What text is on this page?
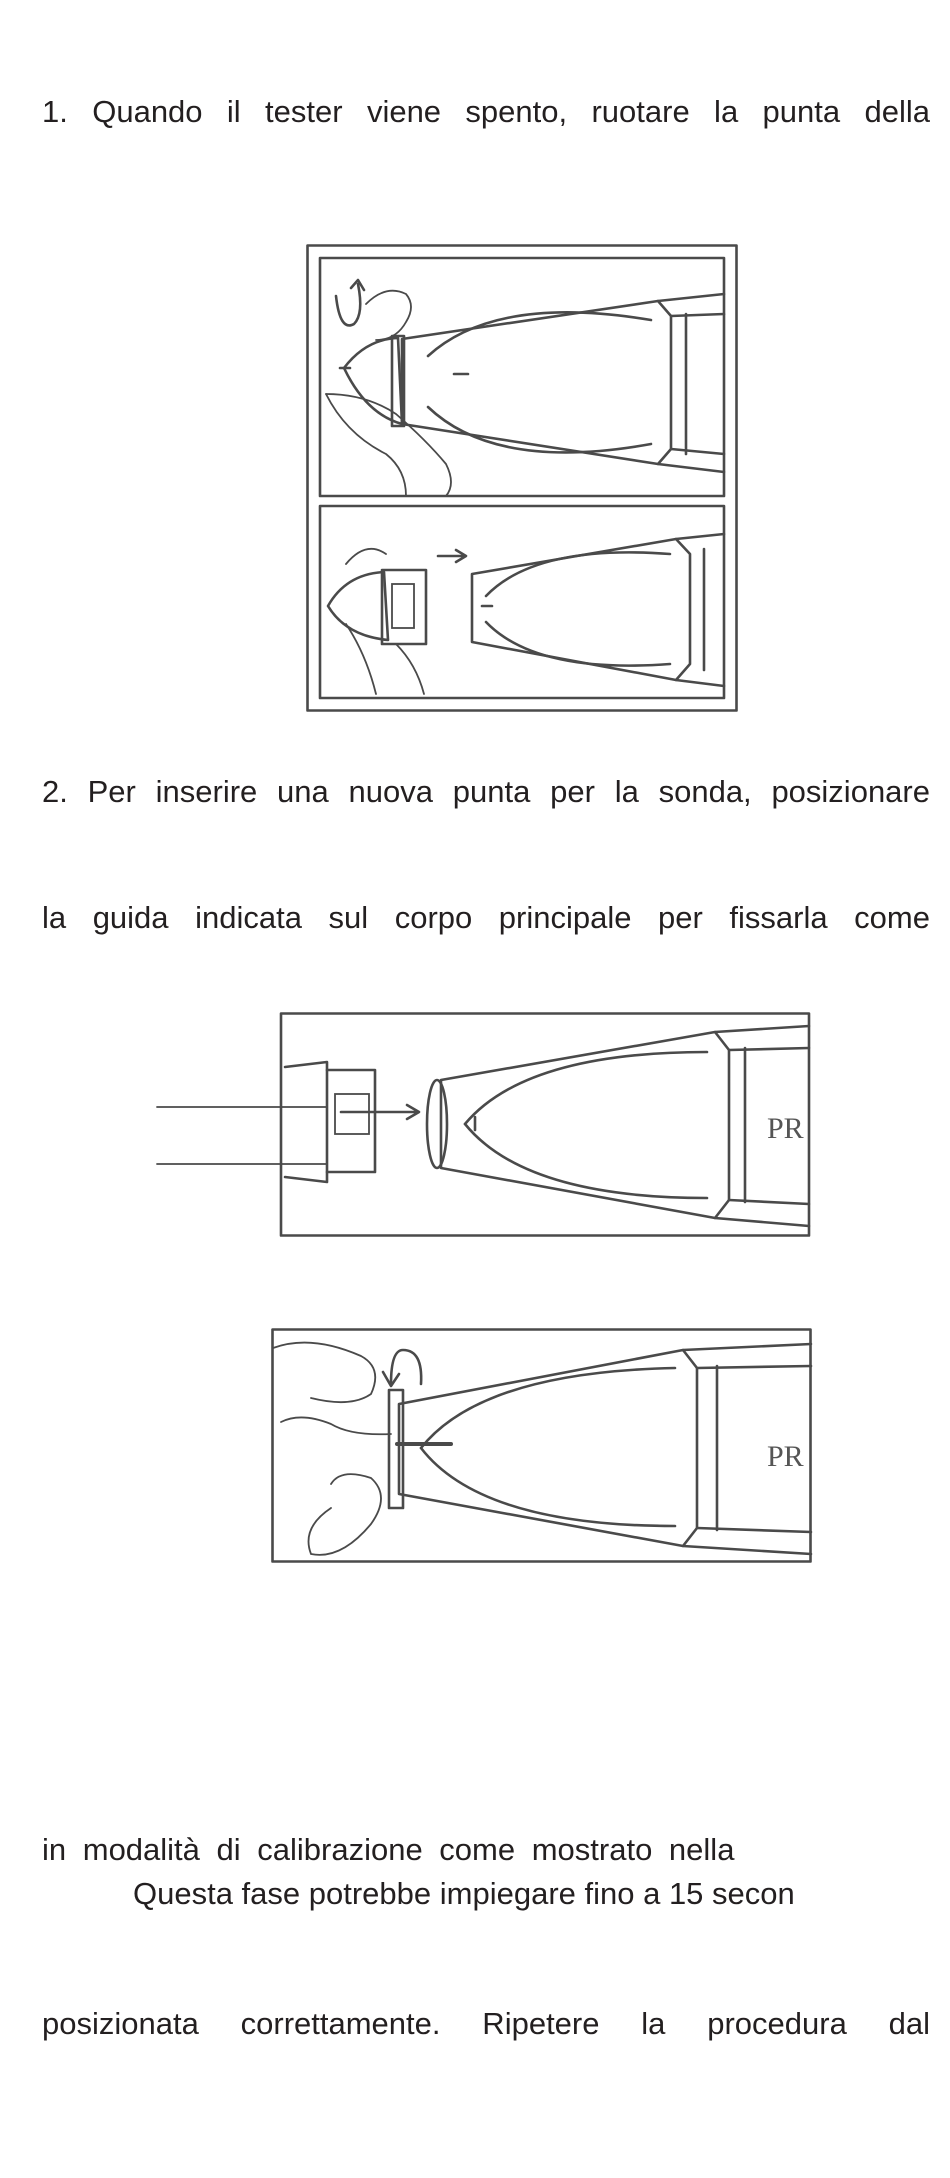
1. Quando il tester viene spento, ruotare la punta della
2. Per inserire una nuova punta per la sonda, posizionare
la guida indicata sul corpo principale per fissarla come
PR
PR
in modalità di calibrazione come mostrato nella
Questa fase potrebbe impiegare fino a 15 secon
posizionata correttamente. Ripetere la procedura dal
